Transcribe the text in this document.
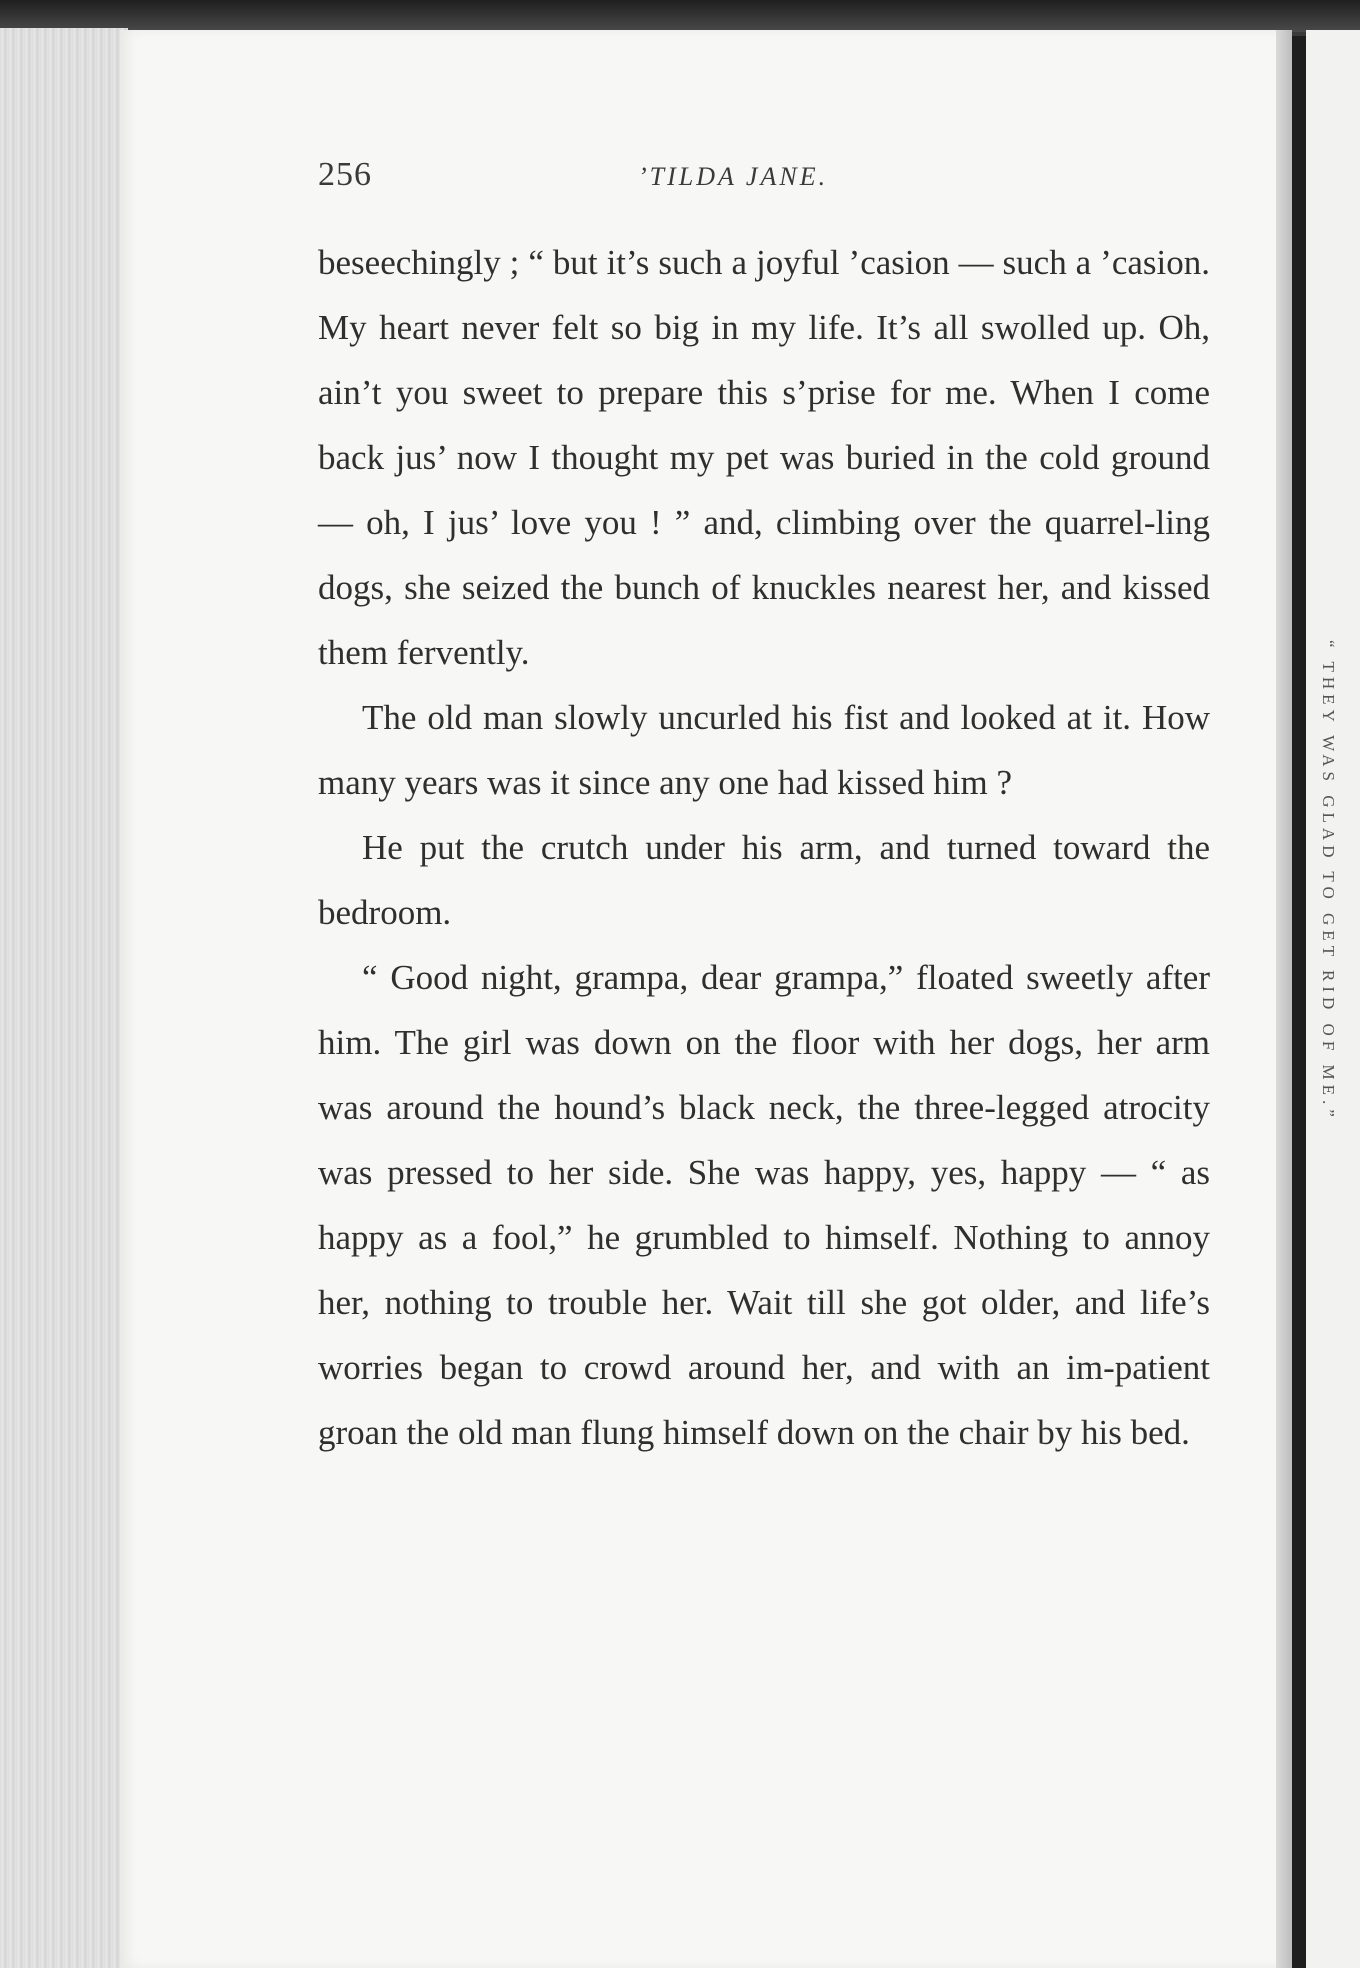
256	’TILDA JANE.

beseechingly ; “ but it’s such a joyful ’casion — such a ’casion. My heart never felt so big in my life. It’s all swolled up. Oh, ain’t you sweet to prepare this s’prise for me. When I come back jus’ now I thought my pet was buried in the cold ground — oh, I jus’ love you ! ” and, climbing over the quarrel-ling dogs, she seized the bunch of knuckles nearest her, and kissed them fervently.

The old man slowly uncurled his fist and looked at it. How many years was it since any one had kissed him ?

He put the crutch under his arm, and turned toward the bedroom.

“ Good night, grampa, dear grampa,” floated sweetly after him. The girl was down on the floor with her dogs, her arm was around the hound’s black neck, the three-legged atrocity was pressed to her side. She was happy, yes, happy — “ as happy as a fool,” he grumbled to himself. Nothing to annoy her, nothing to trouble her. Wait till she got older, and life’s worries began to crowd around her, and with an im-patient groan the old man flung himself down on the chair by his bed.

“ THEY WAS GLAD TO GET RID OF ME.”
